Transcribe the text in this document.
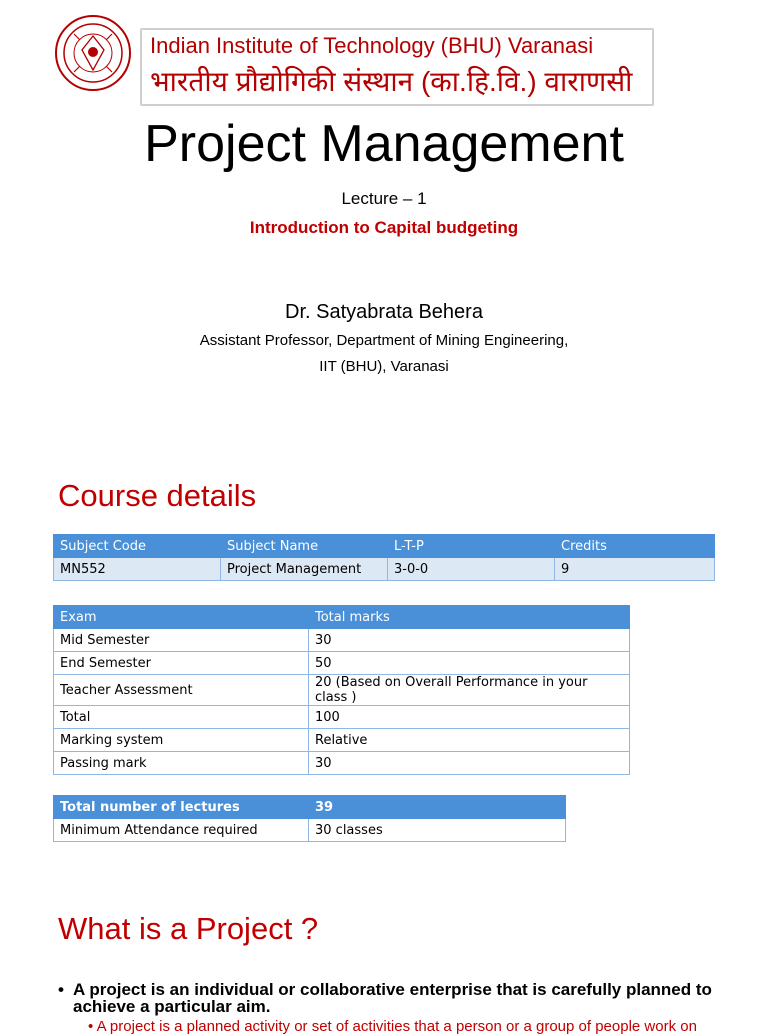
Indian Institute of Technology (BHU) Varanasi
भारतीय प्रौद्योगिकी संस्थान (का.हि.वि.) वाराणसी
Project Management
Lecture – 1
Introduction to Capital budgeting
Dr. Satyabrata Behera
Assistant Professor, Department of Mining Engineering,
IIT (BHU), Varanasi
Course details
Subject Code	Subject Name	L-T-P	Credits
MN552	Project Management	3-0-0	9
Exam	Total marks
Mid Semester	30
End Semester	50
Teacher Assessment	20 (Based on Overall Performance in your class )
Total	100
Marking system	Relative
Passing mark	30
Total number of lectures	39
Minimum Attendance required	30 classes
What is a Project ?
• A project is an individual or collaborative enterprise that is carefully planned to achieve a particular aim.
• A project is a planned activity or set of activities that a person or a group of people work on
